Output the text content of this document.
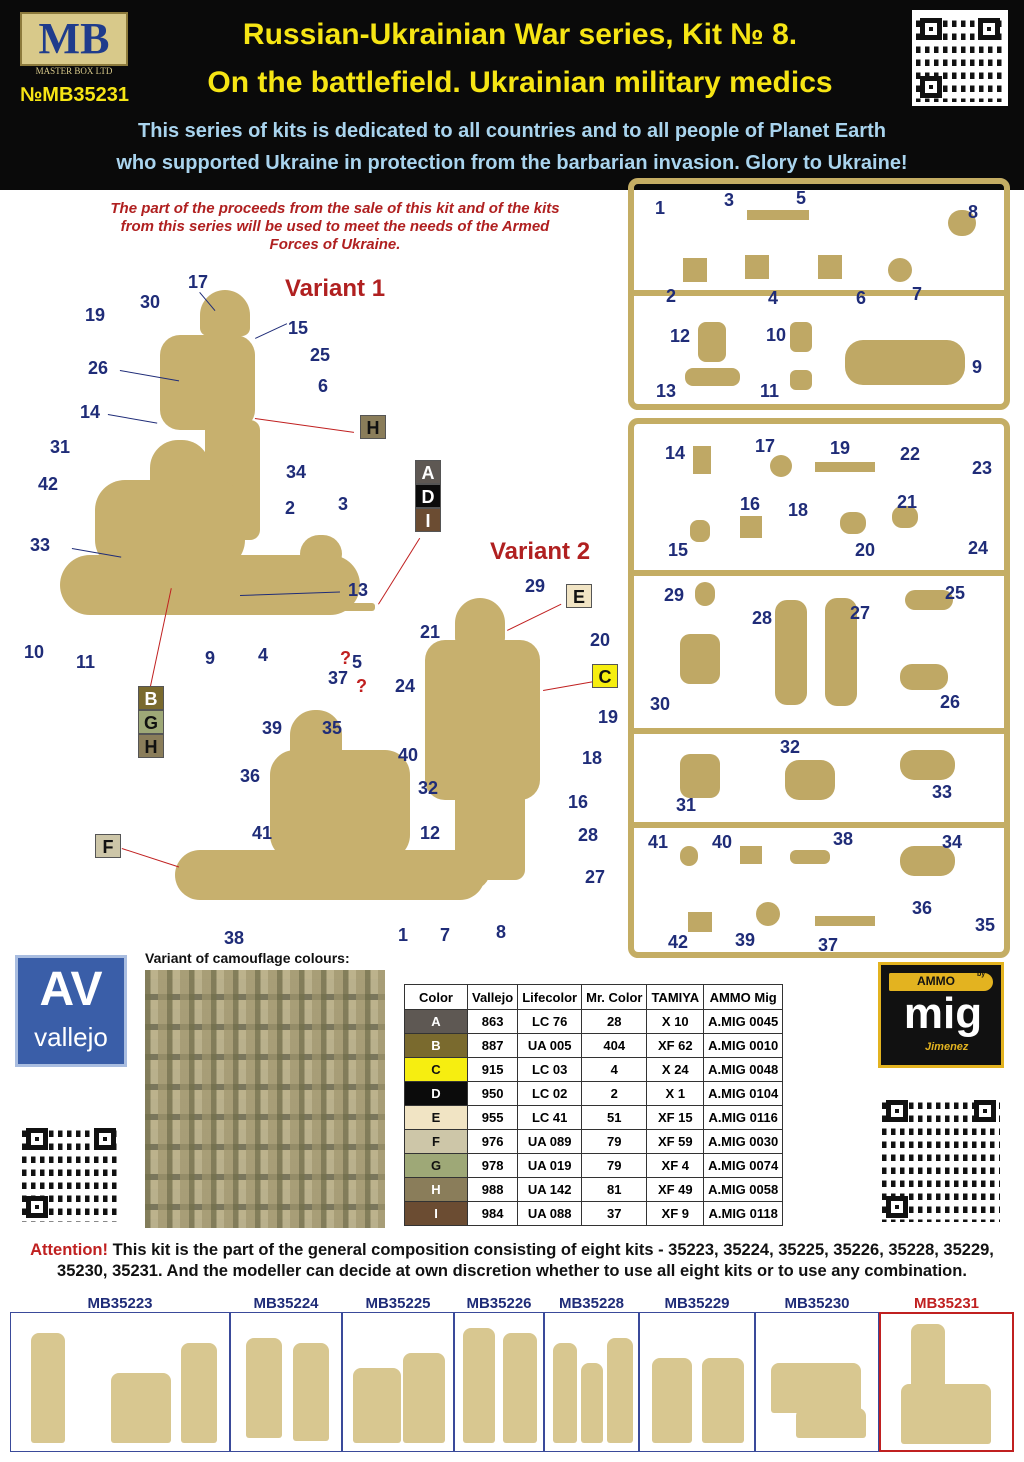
MB
MASTER BOX LTD
№MB35231
Russian-Ukrainian War series, Kit № 8.
On the battlefield. Ukrainian military medics
This series of kits is dedicated to all countries and to all people of Planet Earth
who supported Ukraine in protection from the barbarian invasion. Glory to Ukraine!
The part of the proceeds from the sale of this kit and of the kits from this series will be used to meet the needs of the Armed Forces of Ukraine.
Variant 1
Variant 2
17
30
19
15
26
25
6
14
31
34
42
2 3
33
13
10 11	9 4	5
29
21	20
24
19
18
16
28
27
39 35
36
40
32
41	12
38	1 7	8
37
?
?
H
A
D
I
B
G
H
E
C
F
1	3	5
8
2	4	6	7
12	10
9
13	11
14	17	19	22
23
16 18	21
15	20	24
29
28	27
25
30	26
32
31
33
41 40	38	34
42	39
36
37
35
AV
vallejo
Variant of camouflage colours:
Color	Vallejo	Lifecolor	Mr. Color	TAMIYA	AMMO Mig
A	863	LC 76	28	X 10	A.MIG 0045
B	887	UA 005	404	XF 62	A.MIG 0010
C	915	LC 03	4	X 24	A.MIG 0048
D	950	LC 02	2	X 1	A.MIG 0104
E	955	LC 41	51	XF 15	A.MIG 0116
F	976	UA 089	79	XF 59	A.MIG 0030
G	978	UA 019	79	XF 4	A.MIG 0074
H	988	UA 142	81	XF 49	A.MIG 0058
I	984	UA 088	37	XF 9	A.MIG 0118
AMMO	by
mig
Jimenez
Attention! This kit is the part of the general composition consisting of eight kits - 35223, 35224, 35225, 35226, 35228, 35229,
35230, 35231. And the modeller can decide at own discretion whether to use all eight kits or to use any combination.
MB35223	MB35224	MB35225	MB35226	MB35228	MB35229	MB35230	MB35231
